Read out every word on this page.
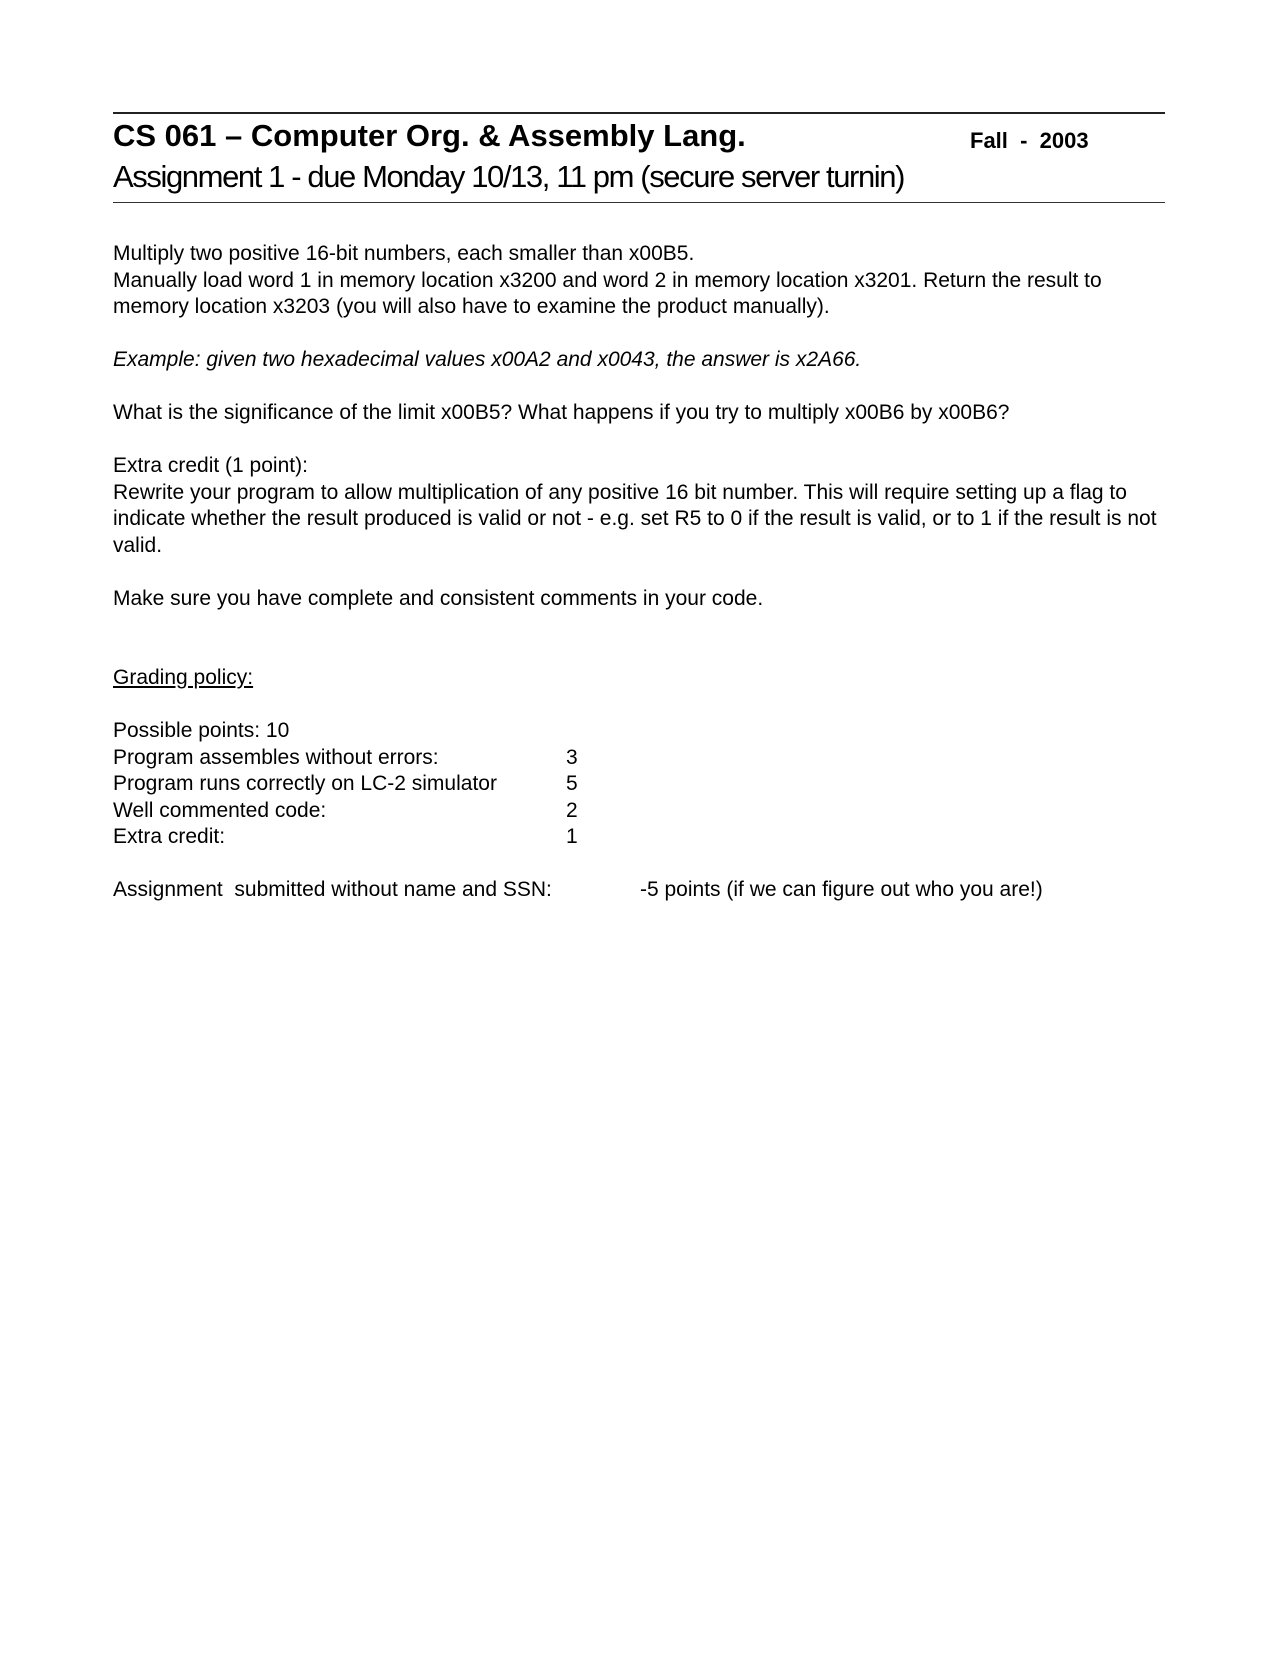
CS 061 – Computer Org. & Assembly Lang.	Fall  -  2003
Assignment 1 - due Monday 10/13, 11 pm (secure server turnin)

Multiply two positive 16-bit numbers, each smaller than x00B5.

Manually load word 1 in memory location x3200 and word 2 in memory location x3201. Return the result to memory location x3203 (you will also have to examine the product manually).

Example: given two hexadecimal values x00A2 and x0043, the answer is x2A66.

What is the significance of the limit x00B5? What happens if you try to multiply x00B6 by x00B6?

Extra credit (1 point):

Rewrite your program to allow multiplication of any positive 16 bit number. This will require setting up a flag to indicate whether the result produced is valid or not - e.g. set R5 to 0 if the result is valid, or to 1 if the result is not valid.

Make sure you have complete and consistent comments in your code.

Grading policy:

Possible points: 10

Program assembles without errors:	3
Program runs correctly on LC-2 simulator	5
Well commented code:	2
Extra credit:	1
Assignment  submitted without name and SSN:	-5 points (if we can figure out who you are!)
